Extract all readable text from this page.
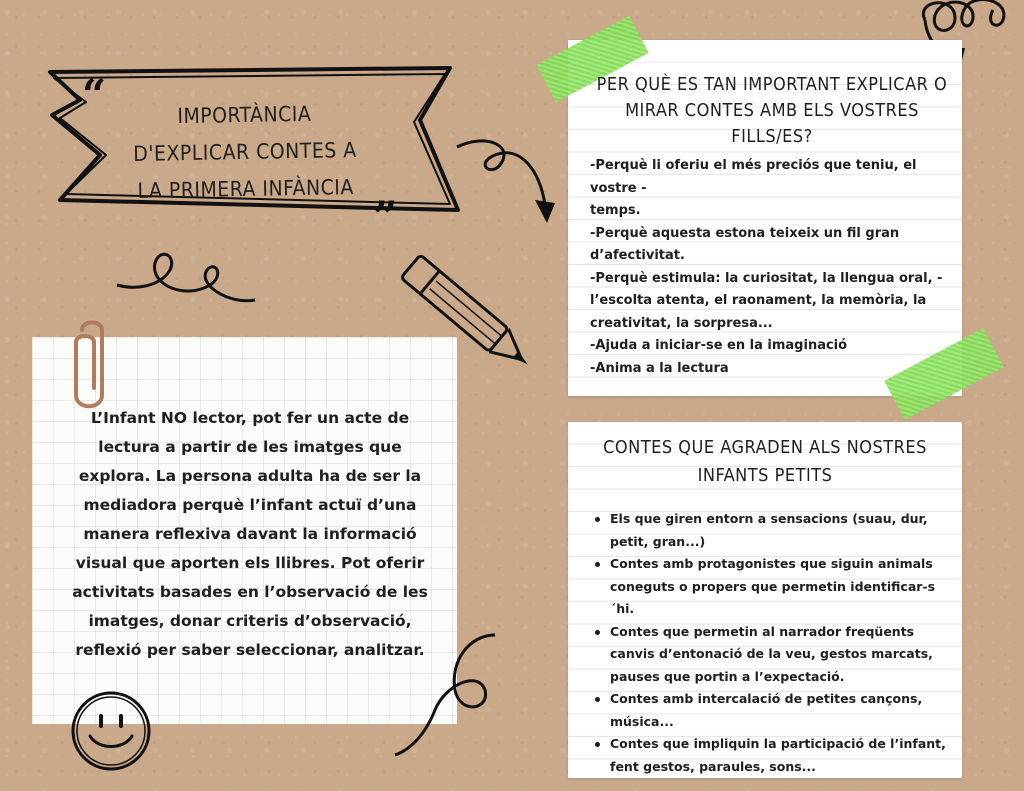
“
„
IMPORTÀNCIA
D'EXPLICAR CONTES A
LA PRIMERA INFÀNCIA
PER QUÈ ES TAN IMPORTANT EXPLICAR O
MIRAR CONTES AMB ELS VOSTRES
FILLS/ES?
-Perquè li oferiu el més preciós que teniu, el vostre -
temps.
-Perquè aquesta estona teixeix un fil gran
d’afectivitat.
-Perquè estimula: la curiositat, la llengua oral, -
l’escolta atenta, el raonament, la memòria, la
creativitat, la sorpresa...
-Ajuda a iniciar-se en la imaginació
-Anima a la lectura

L’Infant NO lector, pot fer un acte de
lectura a partir de les imatges que
explora. La persona adulta ha de ser la
mediadora perquè l’infant actuï d’una
manera reflexiva davant la informació
visual que aporten els llibres. Pot oferir
activitats basades en l’observació de les
imatges, donar criteris d’observació,
reflexió per saber seleccionar, analitzar.

CONTES QUE AGRADEN ALS NOSTRES
INFANTS PETITS
Els que giren entorn a sensacions (suau, dur,
petit, gran...)
Contes amb protagonistes que siguin animals
coneguts o propers que permetin identificar-s´hi.
Contes que permetin al narrador freqüents
canvis d’entonació de la veu, gestos marcats,
pauses que portin a l’expectació.
Contes amb intercalació de petites cançons,
música...
Contes que impliquin la participació de l’infant,
fent gestos, paraules, sons...
